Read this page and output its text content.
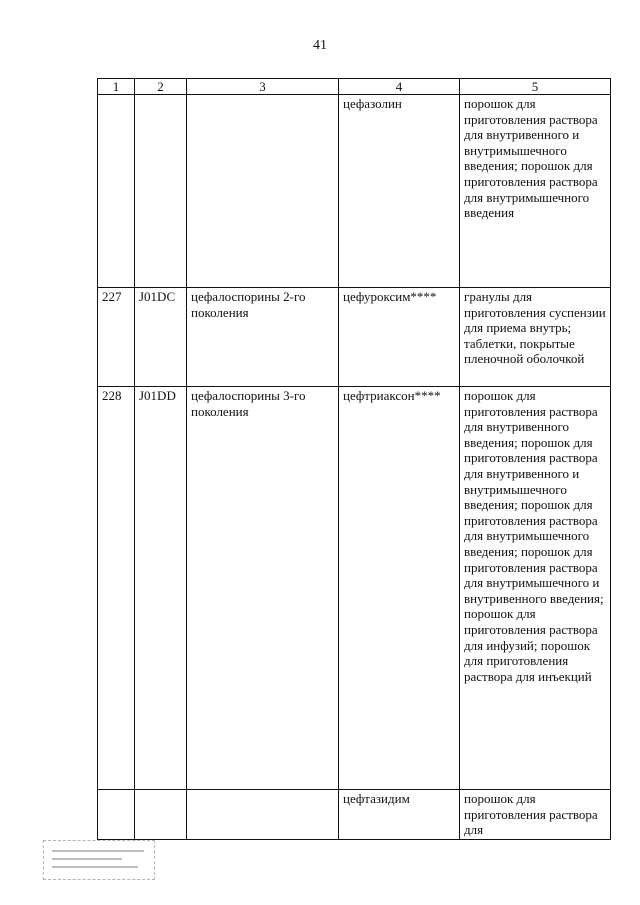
41
1	2	3	4	5
			цефазолин	порошок для приготовления раствора для внутривенного и внутримышечного введения; порошок для приготовления раствора для внутримышечного введения
227	J01DC	цефалоспорины 2-го поколения	цефуроксим****	гранулы для приготовления суспензии для приема внутрь; таблетки, покрытые пленочной оболочкой
228	J01DD	цефалоспорины 3-го поколения	цефтриаксон****	порошок для приготовления раствора для внутривенного введения; порошок для приготовления раствора для внутривенного и внутримышечного введения; порошок для приготовления раствора для внутримышечного введения; порошок для приготовления раствора для внутримышечного и внутривенного введения; порошок для приготовления раствора для инфузий; порошок для приготовления раствора для инъекций
			цефтазидим	порошок для приготовления раствора для
